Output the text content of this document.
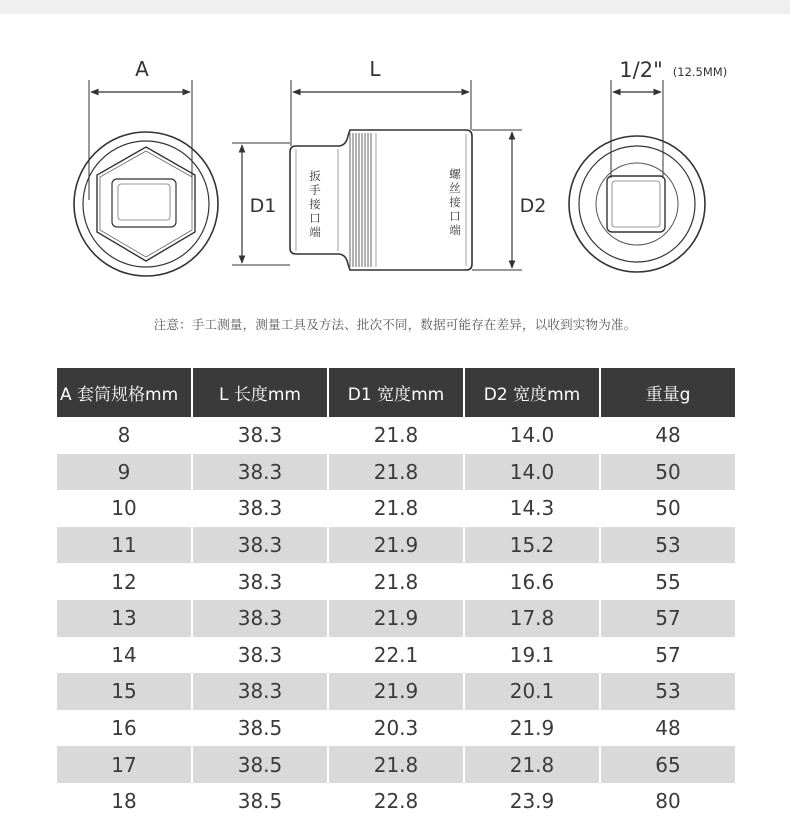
A	L
D1	D2
扳
手
接
口
端
螺
丝
接
口
端
1/2" (12.5MM)
注意：手工测量，测量工具及方法、批次不同，数据可能存在差异，以收到实物为准。
A 套筒规格mm	L 长度mm	D1 宽度mm	D2 宽度mm	重量g
8	38.3	21.8	14.0	48
9	38.3	21.8	14.0	50
10	38.3	21.8	14.3	50
11	38.3	21.9	15.2	53
12	38.3	21.8	16.6	55
13	38.3	21.9	17.8	57
14	38.3	22.1	19.1	57
15	38.3	21.9	20.1	53
16	38.5	20.3	21.9	48
17	38.5	21.8	21.8	65
18	38.5	22.8	23.9	80
